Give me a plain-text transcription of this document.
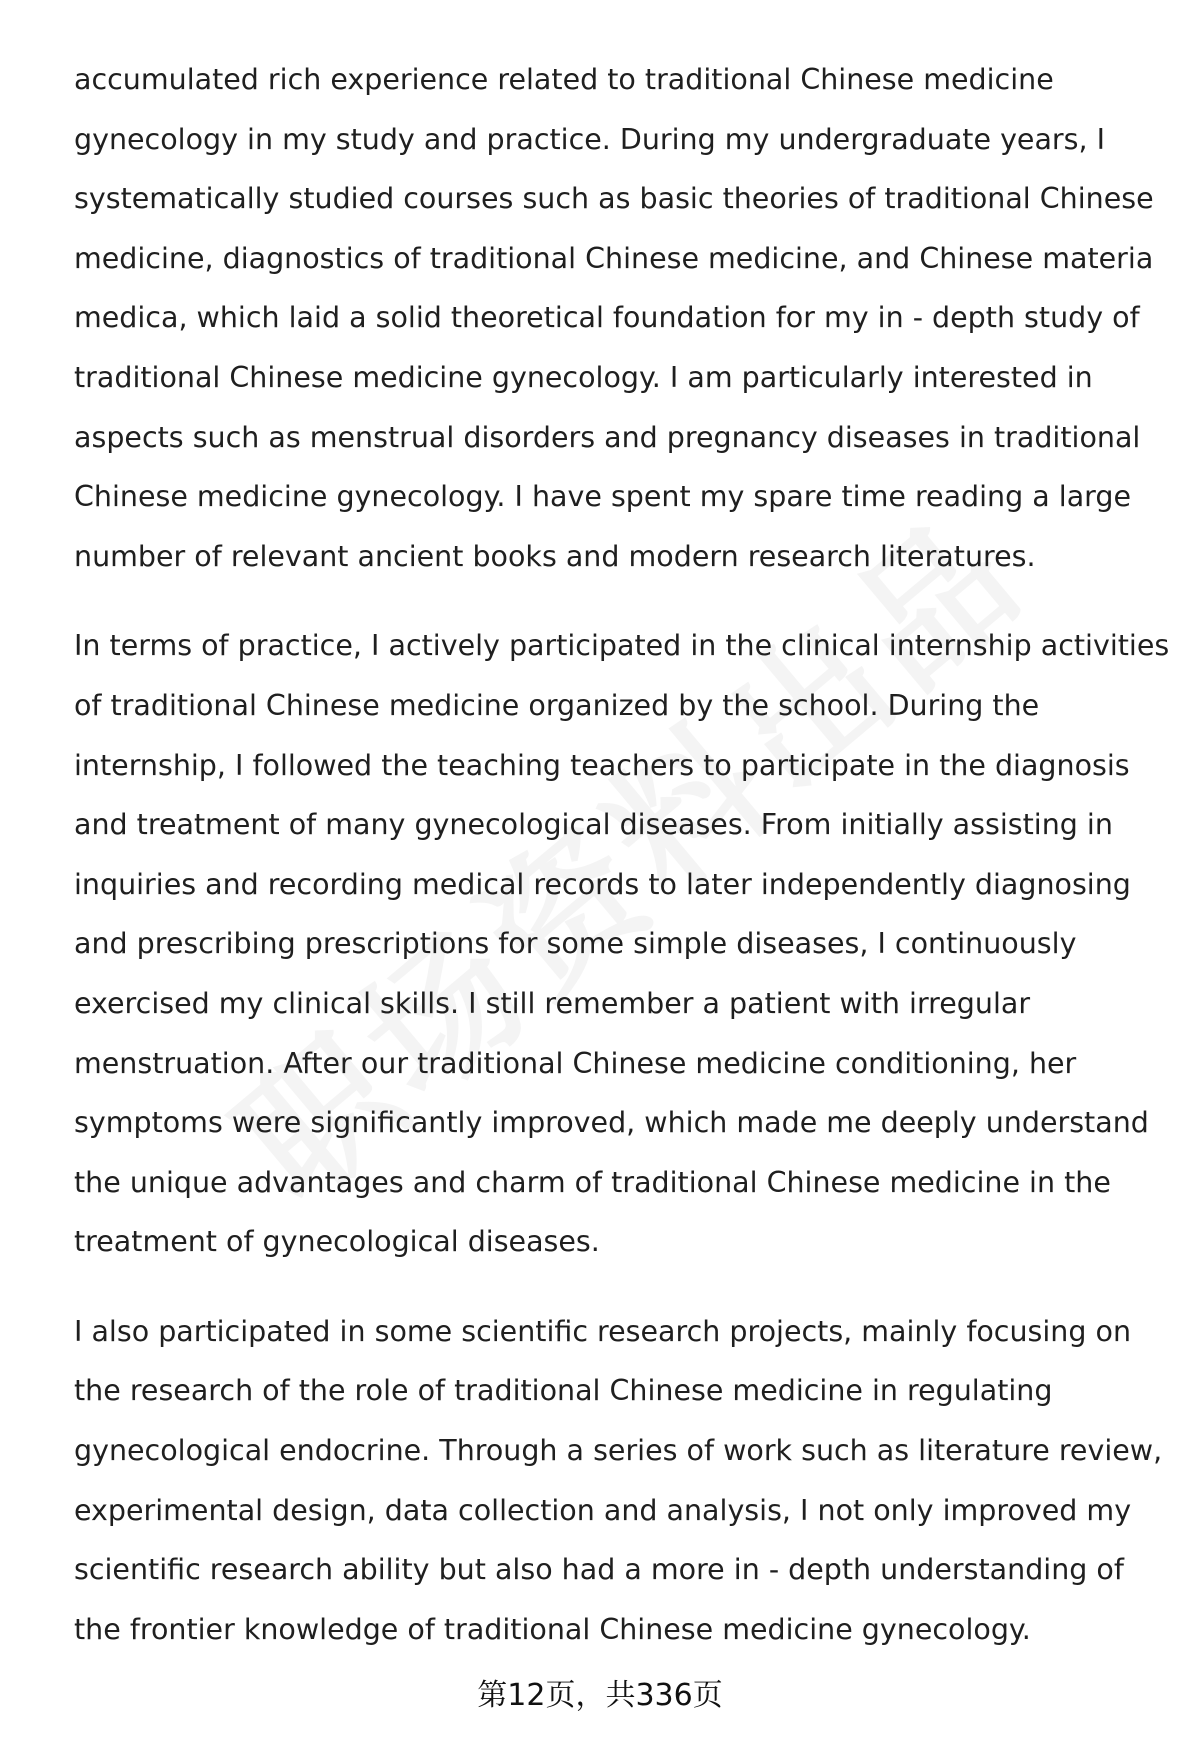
accumulated rich experience related to traditional Chinese medicine
gynecology in my study and practice. During my undergraduate years, I
systematically studied courses such as basic theories of traditional Chinese
medicine, diagnostics of traditional Chinese medicine, and Chinese materia
medica, which laid a solid theoretical foundation for my in - depth study of
traditional Chinese medicine gynecology. I am particularly interested in
aspects such as menstrual disorders and pregnancy diseases in traditional
Chinese medicine gynecology. I have spent my spare time reading a large
number of relevant ancient books and modern research literatures.

In terms of practice, I actively participated in the clinical internship activities
of traditional Chinese medicine organized by the school. During the
internship, I followed the teaching teachers to participate in the diagnosis
and treatment of many gynecological diseases. From initially assisting in
inquiries and recording medical records to later independently diagnosing
and prescribing prescriptions for some simple diseases, I continuously
exercised my clinical skills. I still remember a patient with irregular
menstruation. After our traditional Chinese medicine conditioning, her
symptoms were significantly improved, which made me deeply understand
the unique advantages and charm of traditional Chinese medicine in the
treatment of gynecological diseases.

I also participated in some scientific research projects, mainly focusing on
the research of the role of traditional Chinese medicine in regulating
gynecological endocrine. Through a series of work such as literature review,
experimental design, data collection and analysis, I not only improved my
scientific research ability but also had a more in - depth understanding of
the frontier knowledge of traditional Chinese medicine gynecology.

第12页，共336页
